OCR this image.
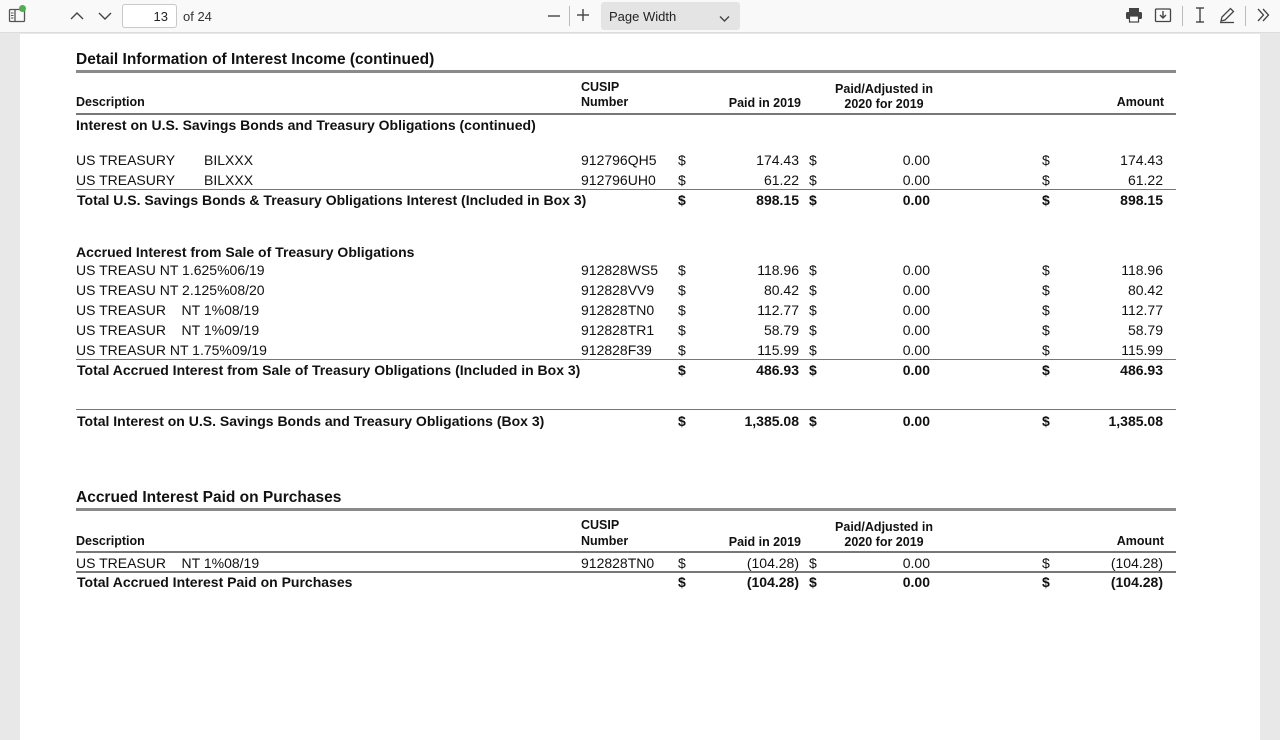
13
of 24	Page Width
Detail Information of Interest Income (continued)
Description
CUSIP
Number	Paid in 2019
Paid/Adjusted in
2020 for 2019	Amount
Interest on U.S. Savings Bonds and Treasury Obligations (continued)
US TREASURY BILXXX	912796QH5 $	174.43 $	0.00	$	174.43
US TREASURY BILXXX	912796UH0 $	61.22 $	0.00	$	61.22
Total U.S. Savings Bonds & Treasury Obligations Interest (Included in Box 3)	$	898.15 $	0.00	$	898.15
Accrued Interest from Sale of Treasury Obligations
US TREASU NT 1.625%06/19	912828WS5 $	118.96 $	0.00	$	118.96
US TREASU NT 2.125%08/20	912828VV9 $	80.42 $	0.00	$	80.42
US TREASUR    NT 1%08/19	912828TN0 $	112.77 $	0.00	$	112.77
US TREASUR    NT 1%09/19	912828TR1 $	58.79 $	0.00	$	58.79
US TREASUR NT 1.75%09/19	912828F39 $	115.99 $	0.00	$	115.99
Total Accrued Interest from Sale of Treasury Obligations (Included in Box 3)	$	486.93 $	0.00	$	486.93
Total Interest on U.S. Savings Bonds and Treasury Obligations (Box 3)	$	1,385.08 $	0.00	$	1,385.08
Accrued Interest Paid on Purchases
Description
CUSIP
Number	Paid in 2019
Paid/Adjusted in
2020 for 2019	Amount
US TREASUR    NT 1%08/19	912828TN0 $	(104.28) $	0.00	$	(104.28)
Total Accrued Interest Paid on Purchases	$	(104.28) $	0.00	$	(104.28)
